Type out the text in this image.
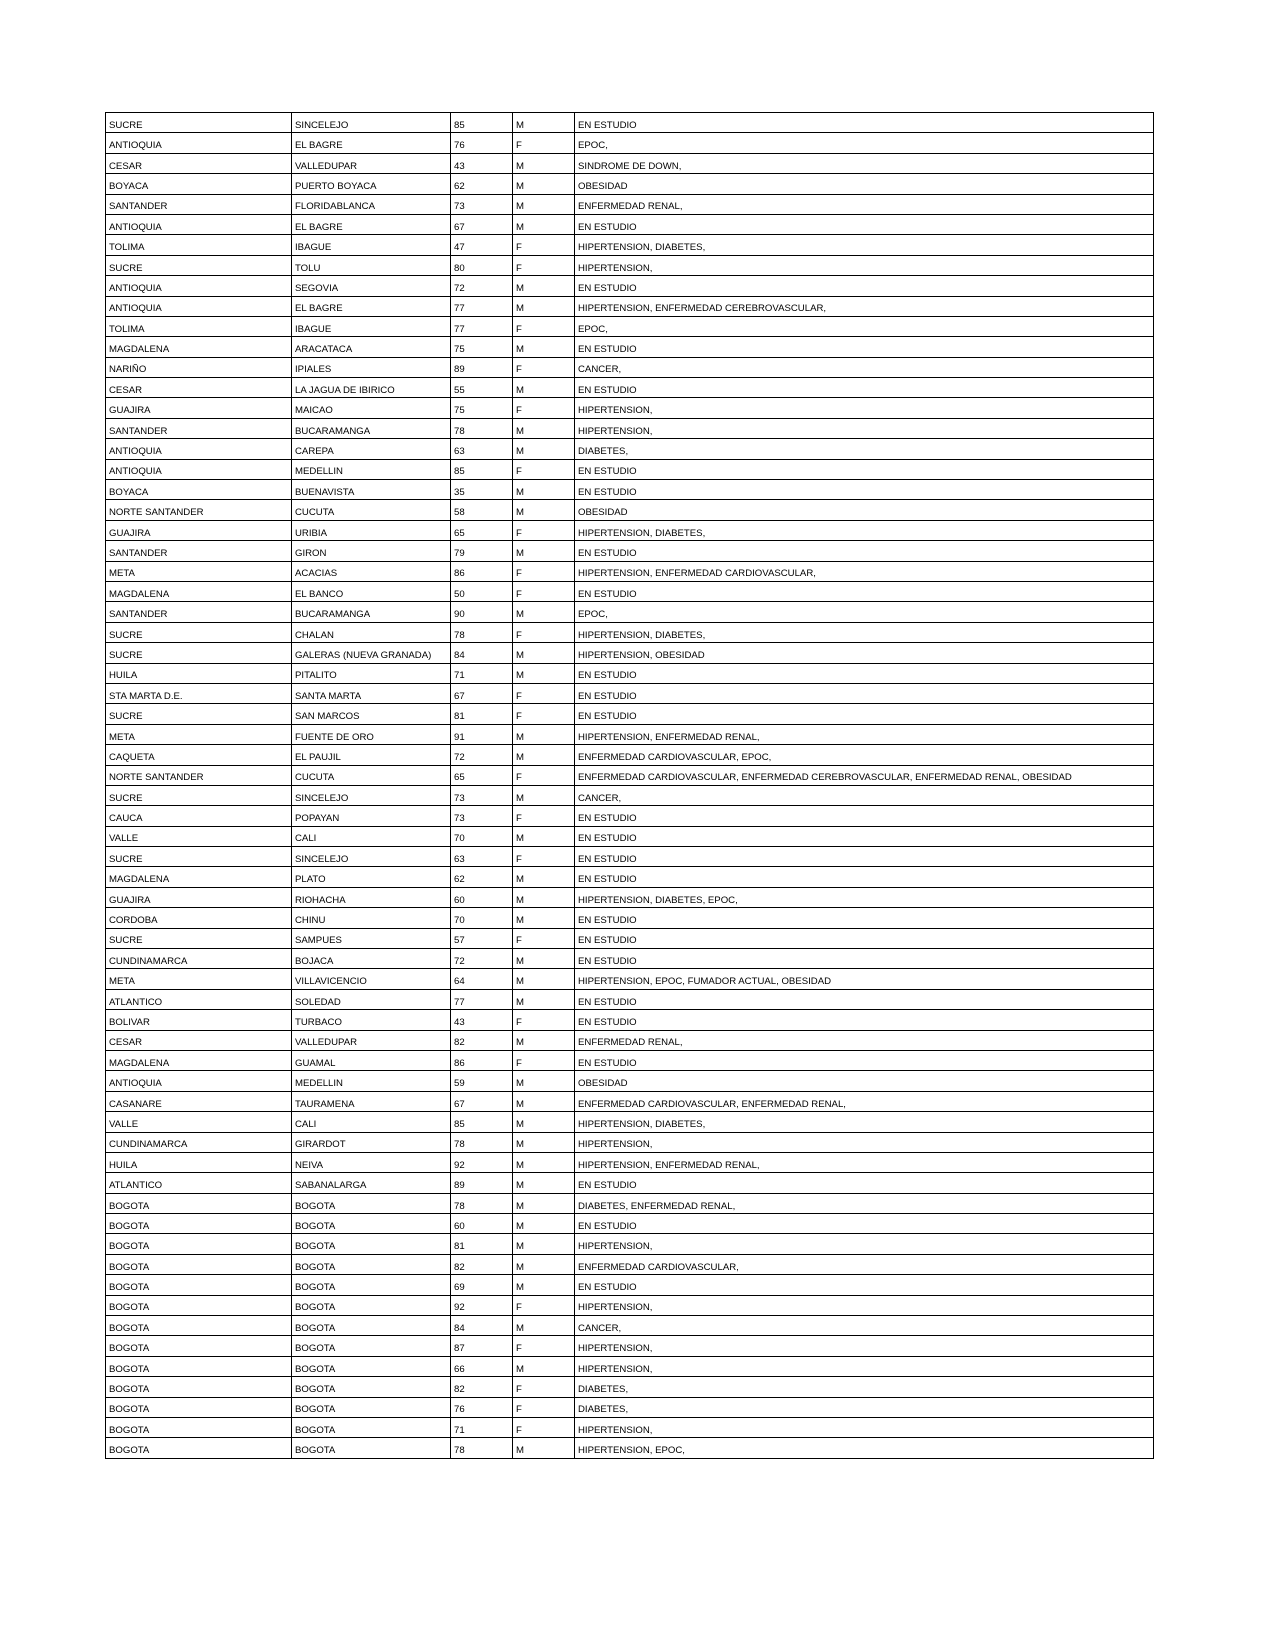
SUCRE	SINCELEJO	85	M	EN ESTUDIO
ANTIOQUIA	EL BAGRE	76	F	EPOC,
CESAR	VALLEDUPAR	43	M	SINDROME DE DOWN,
BOYACA	PUERTO BOYACA	62	M	OBESIDAD
SANTANDER	FLORIDABLANCA	73	M	ENFERMEDAD RENAL,
ANTIOQUIA	EL BAGRE	67	M	EN ESTUDIO
TOLIMA	IBAGUE	47	F	HIPERTENSION, DIABETES,
SUCRE	TOLU	80	F	HIPERTENSION,
ANTIOQUIA	SEGOVIA	72	M	EN ESTUDIO
ANTIOQUIA	EL BAGRE	77	M	HIPERTENSION, ENFERMEDAD CEREBROVASCULAR,
TOLIMA	IBAGUE	77	F	EPOC,
MAGDALENA	ARACATACA	75	M	EN ESTUDIO
NARIÑO	IPIALES	89	F	CANCER,
CESAR	LA JAGUA DE IBIRICO	55	M	EN ESTUDIO
GUAJIRA	MAICAO	75	F	HIPERTENSION,
SANTANDER	BUCARAMANGA	78	M	HIPERTENSION,
ANTIOQUIA	CAREPA	63	M	DIABETES,
ANTIOQUIA	MEDELLIN	85	F	EN ESTUDIO
BOYACA	BUENAVISTA	35	M	EN ESTUDIO
NORTE SANTANDER	CUCUTA	58	M	OBESIDAD
GUAJIRA	URIBIA	65	F	HIPERTENSION, DIABETES,
SANTANDER	GIRON	79	M	EN ESTUDIO
META	ACACIAS	86	F	HIPERTENSION, ENFERMEDAD CARDIOVASCULAR,
MAGDALENA	EL BANCO	50	F	EN ESTUDIO
SANTANDER	BUCARAMANGA	90	M	EPOC,
SUCRE	CHALAN	78	F	HIPERTENSION, DIABETES,
SUCRE	GALERAS (NUEVA GRANADA)	84	M	HIPERTENSION, OBESIDAD
HUILA	PITALITO	71	M	EN ESTUDIO
STA MARTA D.E.	SANTA MARTA	67	F	EN ESTUDIO
SUCRE	SAN MARCOS	81	F	EN ESTUDIO
META	FUENTE DE ORO	91	M	HIPERTENSION, ENFERMEDAD RENAL,
CAQUETA	EL PAUJIL	72	M	ENFERMEDAD CARDIOVASCULAR, EPOC,
NORTE SANTANDER	CUCUTA	65	F	ENFERMEDAD CARDIOVASCULAR, ENFERMEDAD CEREBROVASCULAR, ENFERMEDAD RENAL, OBESIDAD
SUCRE	SINCELEJO	73	M	CANCER,
CAUCA	POPAYAN	73	F	EN ESTUDIO
VALLE	CALI	70	M	EN ESTUDIO
SUCRE	SINCELEJO	63	F	EN ESTUDIO
MAGDALENA	PLATO	62	M	EN ESTUDIO
GUAJIRA	RIOHACHA	60	M	HIPERTENSION, DIABETES, EPOC,
CORDOBA	CHINU	70	M	EN ESTUDIO
SUCRE	SAMPUES	57	F	EN ESTUDIO
CUNDINAMARCA	BOJACA	72	M	EN ESTUDIO
META	VILLAVICENCIO	64	M	HIPERTENSION, EPOC, FUMADOR ACTUAL, OBESIDAD
ATLANTICO	SOLEDAD	77	M	EN ESTUDIO
BOLIVAR	TURBACO	43	F	EN ESTUDIO
CESAR	VALLEDUPAR	82	M	ENFERMEDAD RENAL,
MAGDALENA	GUAMAL	86	F	EN ESTUDIO
ANTIOQUIA	MEDELLIN	59	M	OBESIDAD
CASANARE	TAURAMENA	67	M	ENFERMEDAD CARDIOVASCULAR, ENFERMEDAD RENAL,
VALLE	CALI	85	M	HIPERTENSION, DIABETES,
CUNDINAMARCA	GIRARDOT	78	M	HIPERTENSION,
HUILA	NEIVA	92	M	HIPERTENSION, ENFERMEDAD RENAL,
ATLANTICO	SABANALARGA	89	M	EN ESTUDIO
BOGOTA	BOGOTA	78	M	DIABETES, ENFERMEDAD RENAL,
BOGOTA	BOGOTA	60	M	EN ESTUDIO
BOGOTA	BOGOTA	81	M	HIPERTENSION,
BOGOTA	BOGOTA	82	M	ENFERMEDAD CARDIOVASCULAR,
BOGOTA	BOGOTA	69	M	EN ESTUDIO
BOGOTA	BOGOTA	92	F	HIPERTENSION,
BOGOTA	BOGOTA	84	M	CANCER,
BOGOTA	BOGOTA	87	F	HIPERTENSION,
BOGOTA	BOGOTA	66	M	HIPERTENSION,
BOGOTA	BOGOTA	82	F	DIABETES,
BOGOTA	BOGOTA	76	F	DIABETES,
BOGOTA	BOGOTA	71	F	HIPERTENSION,
BOGOTA	BOGOTA	78	M	HIPERTENSION, EPOC,
